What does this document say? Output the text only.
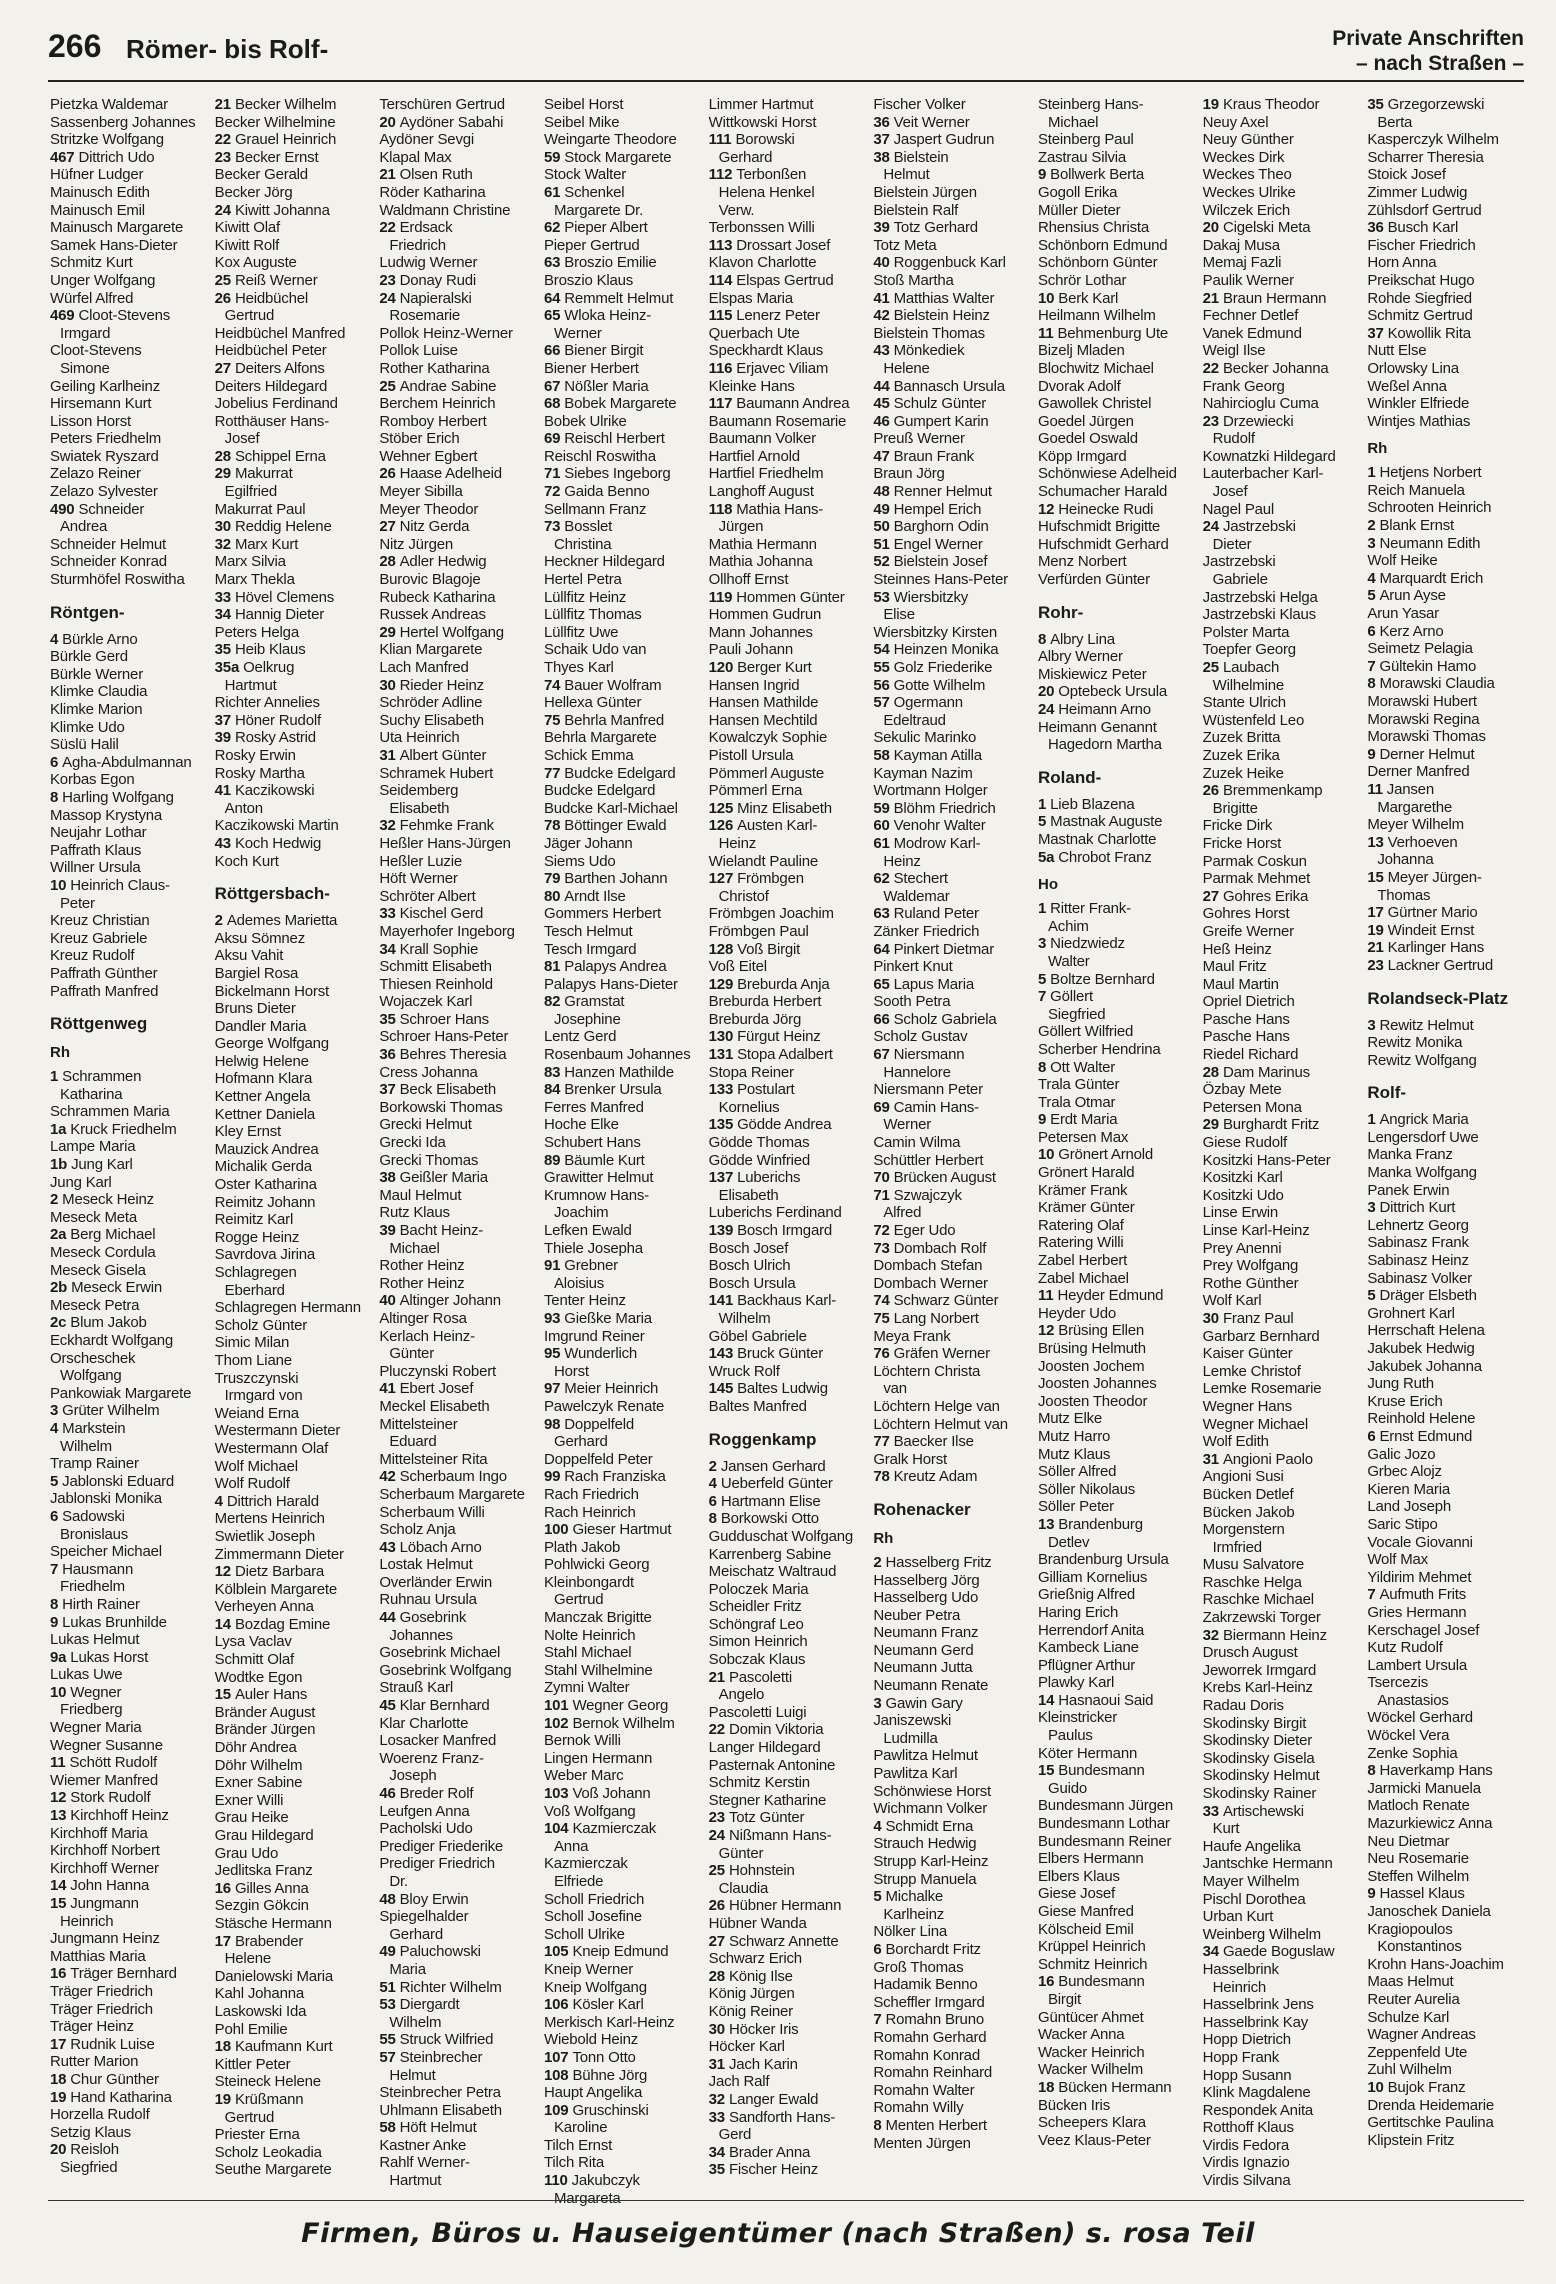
266 Römer- bis Rolf-	Private Anschriften
– nach Straßen –
Pietzka Waldemar
Sassenberg Johannes
Stritzke Wolfgang
467 Dittrich Udo
Hüfner Ludger
Mainusch Edith
Mainusch Emil
Mainusch Margarete
Samek Hans-Dieter
Schmitz Kurt
Unger Wolfgang
Würfel Alfred
469 Cloot-Stevens
Irmgard
Cloot-Stevens
Simone
Geiling Karlheinz
Hirsemann Kurt
Lisson Horst
Peters Friedhelm
Swiatek Ryszard
Zelazo Reiner
Zelazo Sylvester
490 Schneider
Andrea
Schneider Helmut
Schneider Konrad
Sturmhöfel Roswitha
Röntgen-
4 Bürkle Arno
Bürkle Gerd
Bürkle Werner
Klimke Claudia
Klimke Marion
Klimke Udo
Süslü Halil
6 Agha-Abdulmannan
Korbas Egon
8 Harling Wolfgang
Massop Krystyna
Neujahr Lothar
Paffrath Klaus
Willner Ursula
10 Heinrich Claus-
Peter
Kreuz Christian
Kreuz Gabriele
Kreuz Rudolf
Paffrath Günther
Paffrath Manfred
Röttgenweg
Rh
1 Schrammen
Katharina
Schrammen Maria
1a Kruck Friedhelm
Lampe Maria
1b Jung Karl
Jung Karl
2 Meseck Heinz
Meseck Meta
2a Berg Michael
Meseck Cordula
Meseck Gisela
2b Meseck Erwin
Meseck Petra
2c Blum Jakob
Eckhardt Wolfgang
Orscheschek
Wolfgang
Pankowiak Margarete
3 Grüter Wilhelm
4 Markstein
Wilhelm
Tramp Rainer
5 Jablonski Eduard
Jablonski Monika
6 Sadowski
Bronislaus
Speicher Michael
7 Hausmann
Friedhelm
8 Hirth Rainer
9 Lukas Brunhilde
Lukas Helmut
9a Lukas Horst
Lukas Uwe
10 Wegner
Friedberg
Wegner Maria
Wegner Susanne
11 Schött Rudolf
Wiemer Manfred
12 Stork Rudolf
13 Kirchhoff Heinz
Kirchhoff Maria
Kirchhoff Norbert
Kirchhoff Werner
14 John Hanna
15 Jungmann
Heinrich
Jungmann Heinz
Matthias Maria
16 Träger Bernhard
Träger Friedrich
Träger Friedrich
Träger Heinz
17 Rudnik Luise
Rutter Marion
18 Chur Günther
19 Hand Katharina
Horzella Rudolf
Setzig Klaus
20 Reisloh
Siegfried
21 Becker Wilhelm
Becker Wilhelmine
22 Grauel Heinrich
23 Becker Ernst
Becker Gerald
Becker Jörg
24 Kiwitt Johanna
Kiwitt Olaf
Kiwitt Rolf
Kox Auguste
25 Reiß Werner
26 Heidbüchel
Gertrud
Heidbüchel Manfred
Heidbüchel Peter
27 Deiters Alfons
Deiters Hildegard
Jobelius Ferdinand
Rotthäuser Hans-
Josef
28 Schippel Erna
29 Makurrat
Egilfried
Makurrat Paul
30 Reddig Helene
32 Marx Kurt
Marx Silvia
Marx Thekla
33 Hövel Clemens
34 Hannig Dieter
Peters Helga
35 Heib Klaus
35a Oelkrug
Hartmut
Richter Annelies
37 Höner Rudolf
39 Rosky Astrid
Rosky Erwin
Rosky Martha
41 Kaczikowski
Anton
Kaczikowski Martin
43 Koch Hedwig
Koch Kurt
Röttgersbach-
2 Ademes Marietta
Aksu Sömnez
Aksu Vahit
Bargiel Rosa
Bickelmann Horst
Bruns Dieter
Dandler Maria
George Wolfgang
Helwig Helene
Hofmann Klara
Kettner Angela
Kettner Daniela
Kley Ernst
Mauzick Andrea
Michalik Gerda
Oster Katharina
Reimitz Johann
Reimitz Karl
Rogge Heinz
Savrdova Jirina
Schlagregen
Eberhard
Schlagregen Hermann
Scholz Günter
Simic Milan
Thom Liane
Truszczynski
Irmgard von
Weiand Erna
Westermann Dieter
Westermann Olaf
Wolf Michael
Wolf Rudolf
4 Dittrich Harald
Mertens Heinrich
Swietlik Joseph
Zimmermann Dieter
12 Dietz Barbara
Kölblein Margarete
Verheyen Anna
14 Bozdag Emine
Lysa Vaclav
Schmitt Olaf
Wodtke Egon
15 Auler Hans
Bränder August
Bränder Jürgen
Döhr Andrea
Döhr Wilhelm
Exner Sabine
Exner Willi
Grau Heike
Grau Hildegard
Grau Udo
Jedlitska Franz
16 Gilles Anna
Sezgin Gökcin
Stäsche Hermann
17 Brabender
Helene
Danielowski Maria
Kahl Johanna
Laskowski Ida
Pohl Emilie
18 Kaufmann Kurt
Kittler Peter
Steineck Helene
19 Krüßmann
Gertrud
Priester Erna
Scholz Leokadia
Seuthe Margarete
Terschüren Gertrud
20 Aydöner Sabahi
Aydöner Sevgi
Klapal Max
21 Olsen Ruth
Röder Katharina
Waldmann Christine
22 Erdsack
Friedrich
Ludwig Werner
23 Donay Rudi
24 Napieralski
Rosemarie
Pollok Heinz-Werner
Pollok Luise
Rother Katharina
25 Andrae Sabine
Berchem Heinrich
Romboy Herbert
Stöber Erich
Wehner Egbert
26 Haase Adelheid
Meyer Sibilla
Meyer Theodor
27 Nitz Gerda
Nitz Jürgen
28 Adler Hedwig
Burovic Blagoje
Rubeck Katharina
Russek Andreas
29 Hertel Wolfgang
Klian Margarete
Lach Manfred
30 Rieder Heinz
Schröder Adline
Suchy Elisabeth
Uta Heinrich
31 Albert Günter
Schramek Hubert
Seidemberg
Elisabeth
32 Fehmke Frank
Heßler Hans-Jürgen
Heßler Luzie
Höft Werner
Schröter Albert
33 Kischel Gerd
Mayerhofer Ingeborg
34 Krall Sophie
Schmitt Elisabeth
Thiesen Reinhold
Wojaczek Karl
35 Schroer Hans
Schroer Hans-Peter
36 Behres Theresia
Cress Johanna
37 Beck Elisabeth
Borkowski Thomas
Grecki Helmut
Grecki Ida
Grecki Thomas
38 Geißler Maria
Maul Helmut
Rutz Klaus
39 Bacht Heinz-
Michael
Rother Heinz
Rother Heinz
40 Altinger Johann
Altinger Rosa
Kerlach Heinz-
Günter
Pluczynski Robert
41 Ebert Josef
Meckel Elisabeth
Mittelsteiner
Eduard
Mittelsteiner Rita
42 Scherbaum Ingo
Scherbaum Margarete
Scherbaum Willi
Scholz Anja
43 Löbach Arno
Lostak Helmut
Overländer Erwin
Ruhnau Ursula
44 Gosebrink
Johannes
Gosebrink Michael
Gosebrink Wolfgang
Strauß Karl
45 Klar Bernhard
Klar Charlotte
Losacker Manfred
Woerenz Franz-
Joseph
46 Breder Rolf
Leufgen Anna
Pacholski Udo
Prediger Friederike
Prediger Friedrich
Dr.
48 Bloy Erwin
Spiegelhalder
Gerhard
49 Paluchowski
Maria
51 Richter Wilhelm
53 Diergardt
Wilhelm
55 Struck Wilfried
57 Steinbrecher
Helmut
Steinbrecher Petra
Uhlmann Elisabeth
58 Höft Helmut
Kastner Anke
Rahlf Werner-
Hartmut
Seibel Horst
Seibel Mike
Weingarte Theodore
59 Stock Margarete
Stock Walter
61 Schenkel
Margarete Dr.
62 Pieper Albert
Pieper Gertrud
63 Broszio Emilie
Broszio Klaus
64 Remmelt Helmut
65 Wloka Heinz-
Werner
66 Biener Birgit
Biener Herbert
67 Nößler Maria
68 Bobek Margarete
Bobek Ulrike
69 Reischl Herbert
Reischl Roswitha
71 Siebes Ingeborg
72 Gaida Benno
Sellmann Franz
73 Bosslet
Christina
Heckner Hildegard
Hertel Petra
Lüllfitz Heinz
Lüllfitz Thomas
Lüllfitz Uwe
Schaik Udo van
Thyes Karl
74 Bauer Wolfram
Hellexa Günter
75 Behrla Manfred
Behrla Margarete
Schick Emma
77 Budcke Edelgard
Budcke Edelgard
Budcke Karl-Michael
78 Böttinger Ewald
Jäger Johann
Siems Udo
79 Barthen Johann
80 Arndt Ilse
Gommers Herbert
Tesch Helmut
Tesch Irmgard
81 Palapys Andrea
Palapys Hans-Dieter
82 Gramstat
Josephine
Lentz Gerd
Rosenbaum Johannes
83 Hanzen Mathilde
84 Brenker Ursula
Ferres Manfred
Hoche Elke
Schubert Hans
89 Bäumle Kurt
Grawitter Helmut
Krumnow Hans-
Joachim
Lefken Ewald
Thiele Josepha
91 Grebner
Aloisius
Tenter Heinz
93 Gießke Maria
Imgrund Reiner
95 Wunderlich
Horst
97 Meier Heinrich
Pawelczyk Renate
98 Doppelfeld
Gerhard
Doppelfeld Peter
99 Rach Franziska
Rach Friedrich
Rach Heinrich
100 Gieser Hartmut
Plath Jakob
Pohlwicki Georg
Kleinbongardt
Gertrud
Manczak Brigitte
Nolte Heinrich
Stahl Michael
Stahl Wilhelmine
Zymni Walter
101 Wegner Georg
102 Bernok Wilhelm
Bernok Willi
Lingen Hermann
Weber Marc
103 Voß Johann
Voß Wolfgang
104 Kazmierczak
Anna
Kazmierczak
Elfriede
Scholl Friedrich
Scholl Josefine
Scholl Ulrike
105 Kneip Edmund
Kneip Werner
Kneip Wolfgang
106 Kösler Karl
Merkisch Karl-Heinz
Wiebold Heinz
107 Tonn Otto
108 Bühne Jörg
Haupt Angelika
109 Gruschinski
Karoline
Tilch Ernst
Tilch Rita
110 Jakubczyk
Margareta
Limmer Hartmut
Wittkowski Horst
111 Borowski
Gerhard
112 Terbonßen
Helena Henkel
Verw.
Terbonssen Willi
113 Drossart Josef
Klavon Charlotte
114 Elspas Gertrud
Elspas Maria
115 Lenerz Peter
Querbach Ute
Speckhardt Klaus
116 Erjavec Viliam
Kleinke Hans
117 Baumann Andrea
Baumann Rosemarie
Baumann Volker
Hartfiel Arnold
Hartfiel Friedhelm
Langhoff August
118 Mathia Hans-
Jürgen
Mathia Hermann
Mathia Johanna
Ollhoff Ernst
119 Hommen Günter
Hommen Gudrun
Mann Johannes
Pauli Johann
120 Berger Kurt
Hansen Ingrid
Hansen Mathilde
Hansen Mechtild
Kowalczyk Sophie
Pistoll Ursula
Pömmerl Auguste
Pömmerl Erna
125 Minz Elisabeth
126 Austen Karl-
Heinz
Wielandt Pauline
127 Frömbgen
Christof
Frömbgen Joachim
Frömbgen Paul
128 Voß Birgit
Voß Eitel
129 Breburda Anja
Breburda Herbert
Breburda Jörg
130 Fürgut Heinz
131 Stopa Adalbert
Stopa Reiner
133 Postulart
Kornelius
135 Gödde Andrea
Gödde Thomas
Gödde Winfried
137 Luberichs
Elisabeth
Luberichs Ferdinand
139 Bosch Irmgard
Bosch Josef
Bosch Ulrich
Bosch Ursula
141 Backhaus Karl-
Wilhelm
Göbel Gabriele
143 Bruck Günter
Wruck Rolf
145 Baltes Ludwig
Baltes Manfred
Roggenkamp
2 Jansen Gerhard
4 Ueberfeld Günter
6 Hartmann Elise
8 Borkowski Otto
Gudduschat Wolfgang
Karrenberg Sabine
Meischatz Waltraud
Poloczek Maria
Scheidler Fritz
Schöngraf Leo
Simon Heinrich
Sobczak Klaus
21 Pascoletti
Angelo
Pascoletti Luigi
22 Domin Viktoria
Langer Hildegard
Pasternak Antonine
Schmitz Kerstin
Stegner Katharine
23 Totz Günter
24 Nißmann Hans-
Günter
25 Hohnstein
Claudia
26 Hübner Hermann
Hübner Wanda
27 Schwarz Annette
Schwarz Erich
28 König Ilse
König Jürgen
König Reiner
30 Höcker Iris
Höcker Karl
31 Jach Karin
Jach Ralf
32 Langer Ewald
33 Sandforth Hans-
Gerd
34 Brader Anna
35 Fischer Heinz
Fischer Volker
36 Veit Werner
37 Jaspert Gudrun
38 Bielstein
Helmut
Bielstein Jürgen
Bielstein Ralf
39 Totz Gerhard
Totz Meta
40 Roggenbuck Karl
Stoß Martha
41 Matthias Walter
42 Bielstein Heinz
Bielstein Thomas
43 Mönkediek
Helene
44 Bannasch Ursula
45 Schulz Günter
46 Gumpert Karin
Preuß Werner
47 Braun Frank
Braun Jörg
48 Renner Helmut
49 Hempel Erich
50 Barghorn Odin
51 Engel Werner
52 Bielstein Josef
Steinnes Hans-Peter
53 Wiersbitzky
Elise
Wiersbitzky Kirsten
54 Heinzen Monika
55 Golz Friederike
56 Gotte Wilhelm
57 Ogermann
Edeltraud
Sekulic Marinko
58 Kayman Atilla
Kayman Nazim
Wortmann Holger
59 Blöhm Friedrich
60 Venohr Walter
61 Modrow Karl-
Heinz
62 Stechert
Waldemar
63 Ruland Peter
Zänker Friedrich
64 Pinkert Dietmar
Pinkert Knut
65 Lapus Maria
Sooth Petra
66 Scholz Gabriela
Scholz Gustav
67 Niersmann
Hannelore
Niersmann Peter
69 Camin Hans-
Werner
Camin Wilma
Schüttler Herbert
70 Brücken August
71 Szwajczyk
Alfred
72 Eger Udo
73 Dombach Rolf
Dombach Stefan
Dombach Werner
74 Schwarz Günter
75 Lang Norbert
Meya Frank
76 Gräfen Werner
Löchtern Christa
van
Löchtern Helge van
Löchtern Helmut van
77 Baecker Ilse
Gralk Horst
78 Kreutz Adam
Rohenacker
Rh
2 Hasselberg Fritz
Hasselberg Jörg
Hasselberg Udo
Neuber Petra
Neumann Franz
Neumann Gerd
Neumann Jutta
Neumann Renate
3 Gawin Gary
Janiszewski
Ludmilla
Pawlitza Helmut
Pawlitza Karl
Schönwiese Horst
Wichmann Volker
4 Schmidt Erna
Strauch Hedwig
Strupp Karl-Heinz
Strupp Manuela
5 Michalke
Karlheinz
Nölker Lina
6 Borchardt Fritz
Groß Thomas
Hadamik Benno
Scheffler Irmgard
7 Romahn Bruno
Romahn Gerhard
Romahn Konrad
Romahn Reinhard
Romahn Walter
Romahn Willy
8 Menten Herbert
Menten Jürgen
Steinberg Hans-
Michael
Steinberg Paul
Zastrau Silvia
9 Bollwerk Berta
Gogoll Erika
Müller Dieter
Rhensius Christa
Schönborn Edmund
Schönborn Günter
Schrör Lothar
10 Berk Karl
Heilmann Wilhelm
11 Behmenburg Ute
Bizelj Mladen
Blochwitz Michael
Dvorak Adolf
Gawollek Christel
Goedel Jürgen
Goedel Oswald
Köpp Irmgard
Schönwiese Adelheid
Schumacher Harald
12 Heinecke Rudi
Hufschmidt Brigitte
Hufschmidt Gerhard
Menz Norbert
Verfürden Günter
Rohr-
8 Albry Lina
Albry Werner
Miskiewicz Peter
20 Optebeck Ursula
24 Heimann Arno
Heimann Genannt
Hagedorn Martha
Roland-
1 Lieb Blazena
5 Mastnak Auguste
Mastnak Charlotte
5a Chrobot Franz
Ho
1 Ritter Frank-
Achim
3 Niedzwiedz
Walter
5 Boltze Bernhard
7 Göllert
Siegfried
Göllert Wilfried
Scherber Hendrina
8 Ott Walter
Trala Günter
Trala Otmar
9 Erdt Maria
Petersen Max
10 Grönert Arnold
Grönert Harald
Krämer Frank
Krämer Günter
Ratering Olaf
Ratering Willi
Zabel Herbert
Zabel Michael
11 Heyder Edmund
Heyder Udo
12 Brüsing Ellen
Brüsing Helmuth
Joosten Jochem
Joosten Johannes
Joosten Theodor
Mutz Elke
Mutz Harro
Mutz Klaus
Söller Alfred
Söller Nikolaus
Söller Peter
13 Brandenburg
Detlev
Brandenburg Ursula
Gilliam Kornelius
Grießnig Alfred
Haring Erich
Herrendorf Anita
Kambeck Liane
Pflügner Arthur
Plawky Karl
14 Hasnaoui Said
Kleinstricker
Paulus
Köter Hermann
15 Bundesmann
Guido
Bundesmann Jürgen
Bundesmann Lothar
Bundesmann Reiner
Elbers Hermann
Elbers Klaus
Giese Josef
Giese Manfred
Kölscheid Emil
Krüppel Heinrich
Schmitz Heinrich
16 Bundesmann
Birgit
Güntücer Ahmet
Wacker Anna
Wacker Heinrich
Wacker Wilhelm
18 Bücken Hermann
Bücken Iris
Scheepers Klara
Veez Klaus-Peter
19 Kraus Theodor
Neuy Axel
Neuy Günther
Weckes Dirk
Weckes Theo
Weckes Ulrike
Wilczek Erich
20 Cigelski Meta
Dakaj Musa
Memaj Fazli
Paulik Werner
21 Braun Hermann
Fechner Detlef
Vanek Edmund
Weigl Ilse
22 Becker Johanna
Frank Georg
Nahircioglu Cuma
23 Drzewiecki
Rudolf
Kownatzki Hildegard
Lauterbacher Karl-
Josef
Nagel Paul
24 Jastrzebski
Dieter
Jastrzebski
Gabriele
Jastrzebski Helga
Jastrzebski Klaus
Polster Marta
Toepfer Georg
25 Laubach
Wilhelmine
Stante Ulrich
Wüstenfeld Leo
Zuzek Britta
Zuzek Erika
Zuzek Heike
26 Bremmenkamp
Brigitte
Fricke Dirk
Fricke Horst
Parmak Coskun
Parmak Mehmet
27 Gohres Erika
Gohres Horst
Greife Werner
Heß Heinz
Maul Fritz
Maul Martin
Opriel Dietrich
Pasche Hans
Pasche Hans
Riedel Richard
28 Dam Marinus
Özbay Mete
Petersen Mona
29 Burghardt Fritz
Giese Rudolf
Kositzki Hans-Peter
Kositzki Karl
Kositzki Udo
Linse Erwin
Linse Karl-Heinz
Prey Anenni
Prey Wolfgang
Rothe Günther
Wolf Karl
30 Franz Paul
Garbarz Bernhard
Kaiser Günter
Lemke Christof
Lemke Rosemarie
Wegner Hans
Wegner Michael
Wolf Edith
31 Angioni Paolo
Angioni Susi
Bücken Detlef
Bücken Jakob
Morgenstern
Irmfried
Musu Salvatore
Raschke Helga
Raschke Michael
Zakrzewski Torger
32 Biermann Heinz
Drusch August
Jeworrek Irmgard
Krebs Karl-Heinz
Radau Doris
Skodinsky Birgit
Skodinsky Dieter
Skodinsky Gisela
Skodinsky Helmut
Skodinsky Rainer
33 Artischewski
Kurt
Haufe Angelika
Jantschke Hermann
Mayer Wilhelm
Pischl Dorothea
Urban Kurt
Weinberg Wilhelm
34 Gaede Boguslaw
Hasselbrink
Heinrich
Hasselbrink Jens
Hasselbrink Kay
Hopp Dietrich
Hopp Frank
Hopp Susann
Klink Magdalene
Respondek Anita
Rotthoff Klaus
Virdis Fedora
Virdis Ignazio
Virdis Silvana
35 Grzegorzewski
Berta
Kasperczyk Wilhelm
Scharrer Theresia
Stoick Josef
Zimmer Ludwig
Zühlsdorf Gertrud
36 Busch Karl
Fischer Friedrich
Horn Anna
Preikschat Hugo
Rohde Siegfried
Schmitz Gertrud
37 Kowollik Rita
Nutt Else
Orlowsky Lina
Weßel Anna
Winkler Elfriede
Wintjes Mathias
Rh
1 Hetjens Norbert
Reich Manuela
Schrooten Heinrich
2 Blank Ernst
3 Neumann Edith
Wolf Heike
4 Marquardt Erich
5 Arun Ayse
Arun Yasar
6 Kerz Arno
Seimetz Pelagia
7 Gültekin Hamo
8 Morawski Claudia
Morawski Hubert
Morawski Regina
Morawski Thomas
9 Derner Helmut
Derner Manfred
11 Jansen
Margarethe
Meyer Wilhelm
13 Verhoeven
Johanna
15 Meyer Jürgen-
Thomas
17 Gürtner Mario
19 Windeit Ernst
21 Karlinger Hans
23 Lackner Gertrud
Rolandseck-Platz
3 Rewitz Helmut
Rewitz Monika
Rewitz Wolfgang
Rolf-
1 Angrick Maria
Lengersdorf Uwe
Manka Franz
Manka Wolfgang
Panek Erwin
3 Dittrich Kurt
Lehnertz Georg
Sabinasz Frank
Sabinasz Heinz
Sabinasz Volker
5 Dräger Elsbeth
Grohnert Karl
Herrschaft Helena
Jakubek Hedwig
Jakubek Johanna
Jung Ruth
Kruse Erich
Reinhold Helene
6 Ernst Edmund
Galic Jozo
Grbec Alojz
Kieren Maria
Land Joseph
Saric Stipo
Vocale Giovanni
Wolf Max
Yildirim Mehmet
7 Aufmuth Frits
Gries Hermann
Kerschagel Josef
Kutz Rudolf
Lambert Ursula
Tsercezis
Anastasios
Wöckel Gerhard
Wöckel Vera
Zenke Sophia
8 Haverkamp Hans
Jarmicki Manuela
Matloch Renate
Mazurkiewicz Anna
Neu Dietmar
Neu Rosemarie
Steffen Wilhelm
9 Hassel Klaus
Janoschek Daniela
Kragiopoulos
Konstantinos
Krohn Hans-Joachim
Maas Helmut
Reuter Aurelia
Schulze Karl
Wagner Andreas
Zeppenfeld Ute
Zuhl Wilhelm
10 Bujok Franz
Drenda Heidemarie
Gertitschke Paulina
Klipstein Fritz
Firmen, Büros u. Hauseigentümer (nach Straßen) s. rosa Teil
